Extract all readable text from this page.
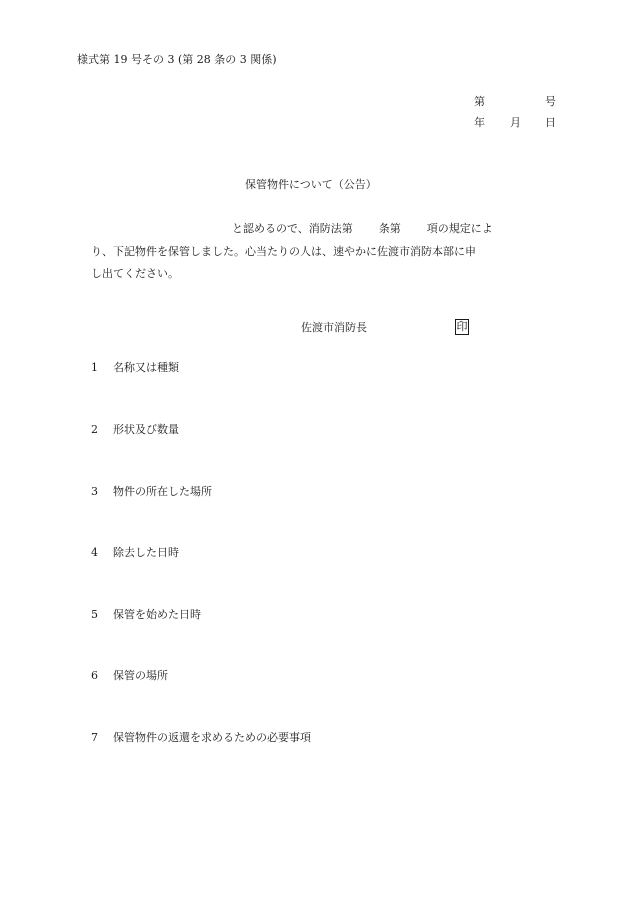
様式第 19 号その 3 (第 28 条の 3 関係)
第	号
年 月 日
保管物件について（公告）
と認めるので、消防法第 条第 項の規定によ
り、下記物件を保管しました。心当たりの人は、速やかに佐渡市消防本部に申
し出てください。
佐渡市消防長	印
1 名称又は種類
2 形状及び数量
3 物件の所在した場所
4 除去した日時
5 保管を始めた日時
6 保管の場所
7 保管物件の返還を求めるための必要事項
